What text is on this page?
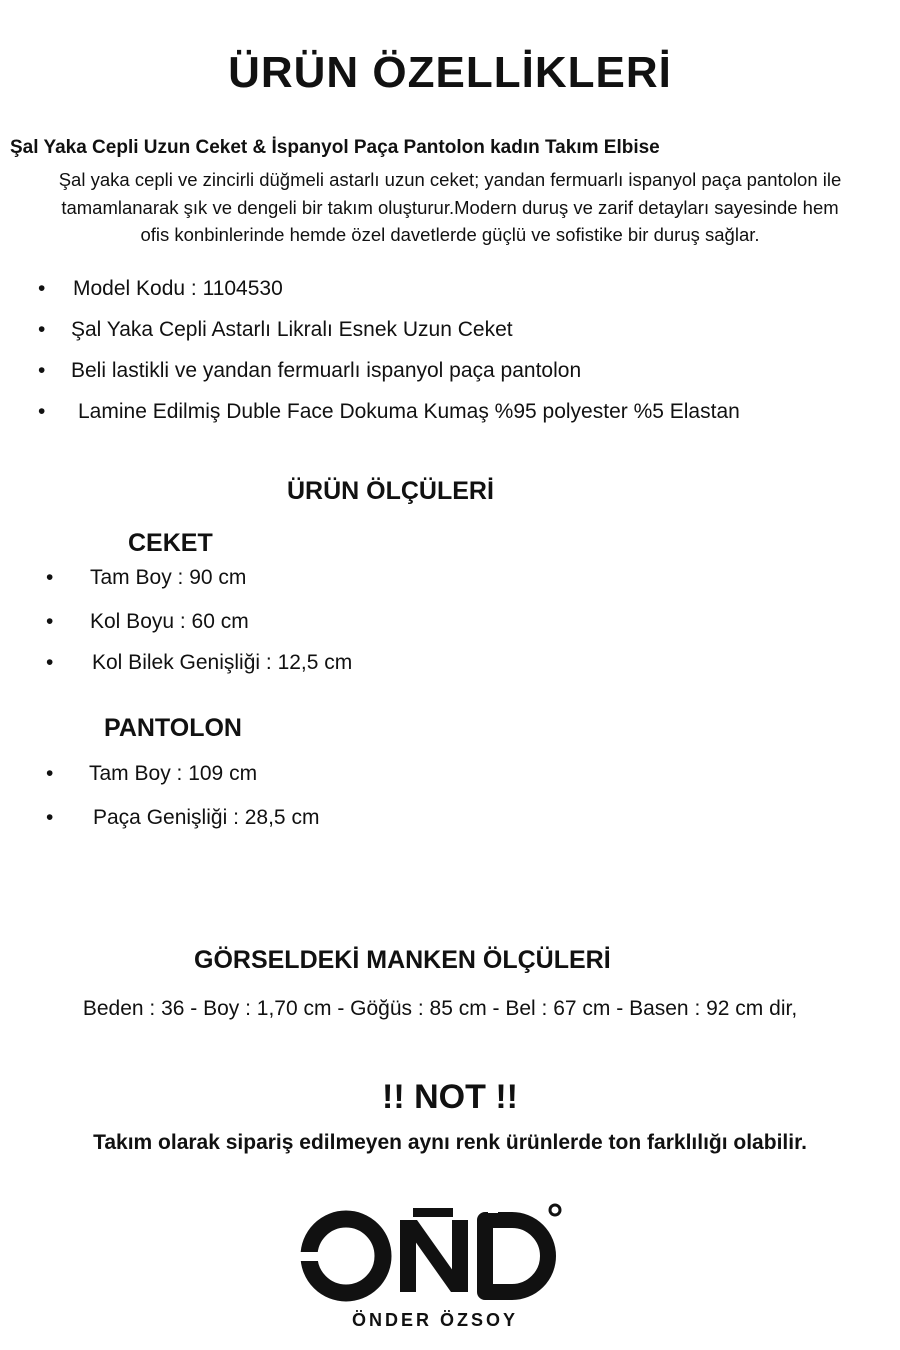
ÜRÜN ÖZELLİKLERİ
Şal Yaka Cepli Uzun Ceket & İspanyol Paça Pantolon kadın Takım Elbise
Şal yaka cepli ve zincirli düğmeli astarlı uzun ceket; yandan fermuarlı ispanyol paça pantolon ile
tamamlanarak şık ve dengeli bir takım oluşturur.Modern duruş ve zarif detayları sayesinde hem
ofis konbinlerinde hemde özel davetlerde güçlü ve sofistike bir duruş sağlar.
• Model Kodu : 1104530
• Şal Yaka Cepli Astarlı Likralı Esnek Uzun Ceket
• Beli lastikli ve yandan fermuarlı ispanyol paça pantolon
• Lamine Edilmiş Duble Face Dokuma Kumaş %95 polyester %5 Elastan
ÜRÜN ÖLÇÜLERİ
CEKET
• Tam Boy : 90 cm
• Kol Boyu : 60 cm
• Kol Bilek Genişliği : 12,5 cm
PANTOLON
• Tam Boy : 109 cm
• Paça Genişliği : 28,5 cm
GÖRSELDEKİ MANKEN ÖLÇÜLERİ
Beden : 36 - Boy : 1,70 cm - Göğüs : 85 cm - Bel : 67 cm - Basen : 92 cm dir,
!! NOT !!
Takım olarak sipariş edilmeyen aynı renk ürünlerde ton farklılığı olabilir.
ÖNDER ÖZSOY
